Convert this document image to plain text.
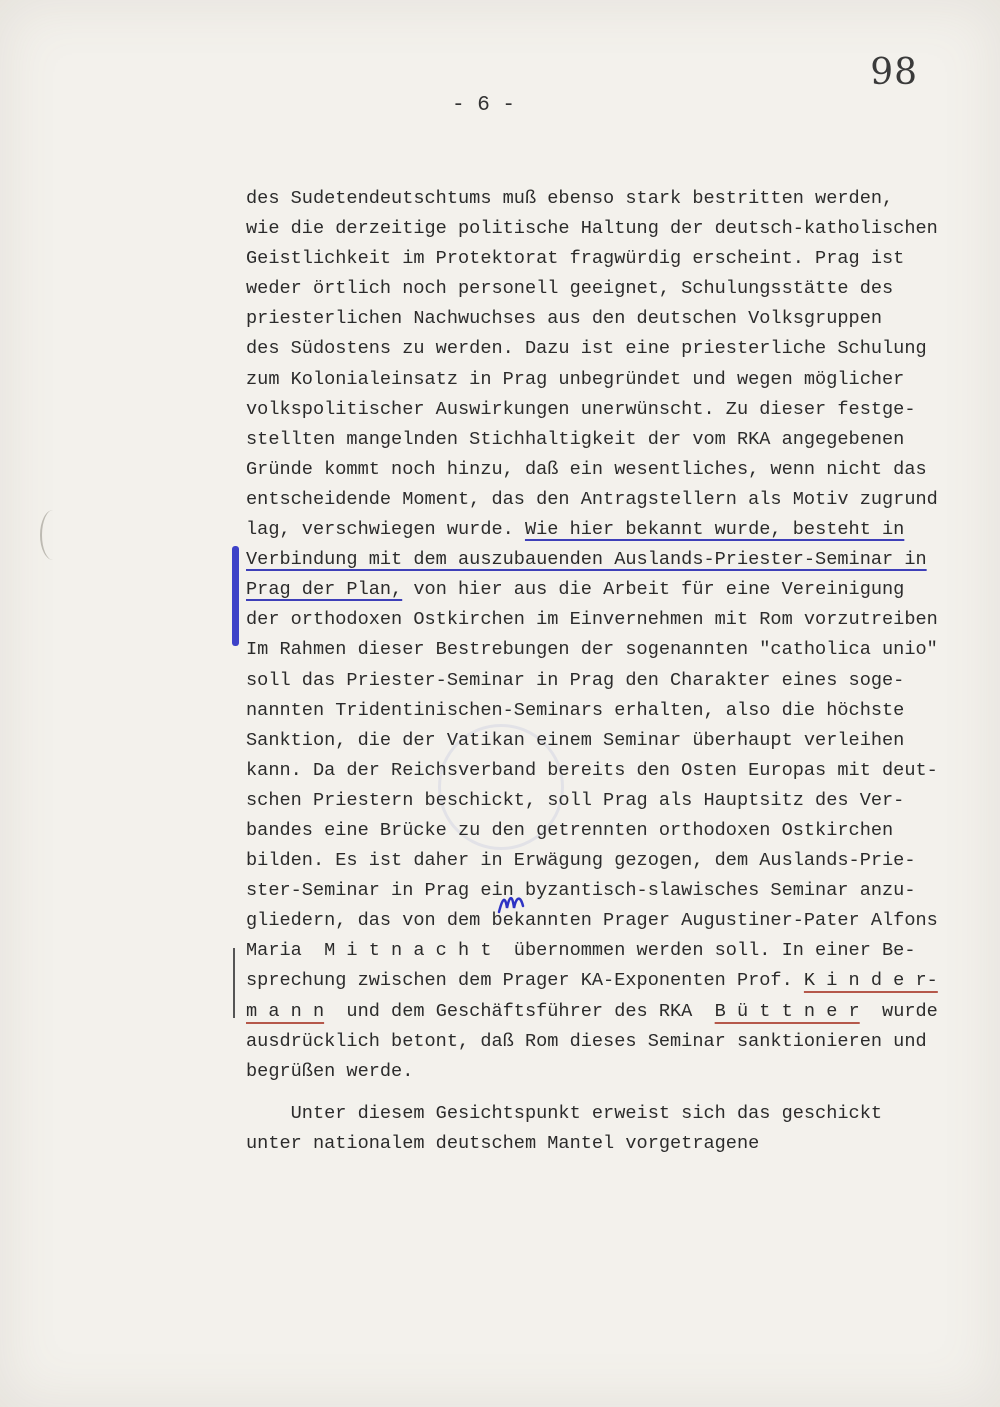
98
- 6 -
des Sudetendeutschtums muß ebenso stark bestritten werden,
wie die derzeitige politische Haltung der deutsch-katholischen
Geistlichkeit im Protektorat fragwürdig erscheint. Prag ist
weder örtlich noch personell geeignet, Schulungsstätte des
priesterlichen Nachwuchses aus den deutschen Volksgruppen
des Südostens zu werden. Dazu ist eine priesterliche Schulung
zum Kolonialeinsatz in Prag unbegründet und wegen möglicher
volkspolitischer Auswirkungen unerwünscht. Zu dieser festge-
stellten mangelnden Stichhaltigkeit der vom RKA angegebenen
Gründe kommt noch hinzu, daß ein wesentliches, wenn nicht das
entscheidende Moment, das den Antragstellern als Motiv zugrund
lag, verschwiegen wurde. Wie hier bekannt wurde, besteht in
Verbindung mit dem auszubauenden Auslands-Priester-Seminar in
Prag der Plan, von hier aus die Arbeit für eine Vereinigung
der orthodoxen Ostkirchen im Einvernehmen mit Rom vorzutreiben
Im Rahmen dieser Bestrebungen der sogenannten "catholica unio"
soll das Priester-Seminar in Prag den Charakter eines soge-
nannten Tridentinischen-Seminars erhalten, also die höchste
Sanktion, die der Vatikan einem Seminar überhaupt verleihen
kann. Da der Reichsverband bereits den Osten Europas mit deut-
schen Priestern beschickt, soll Prag als Hauptsitz des Ver-
bandes eine Brücke zu den getrennten orthodoxen Ostkirchen
bilden. Es ist daher in Erwägung gezogen, dem Auslands-Prie-
ster-Seminar in Prag ein byzantisch-slawisches Seminar anzu-
gliedern, das von dem bekannten Prager Augustiner-Pater Alfons
Maria  M i t n a c h t  übernommen werden soll. In einer Be-
sprechung zwischen dem Prager KA-Exponenten Prof. K i n d e r-
m a n n  und dem Geschäftsführer des RKA  B ü t t n e r  wurde
ausdrücklich betont, daß Rom dieses Seminar sanktionieren und
begrüßen werde.
Unter diesem Gesichtspunkt erweist sich das geschickt
unter nationalem deutschem Mantel vorgetragene
